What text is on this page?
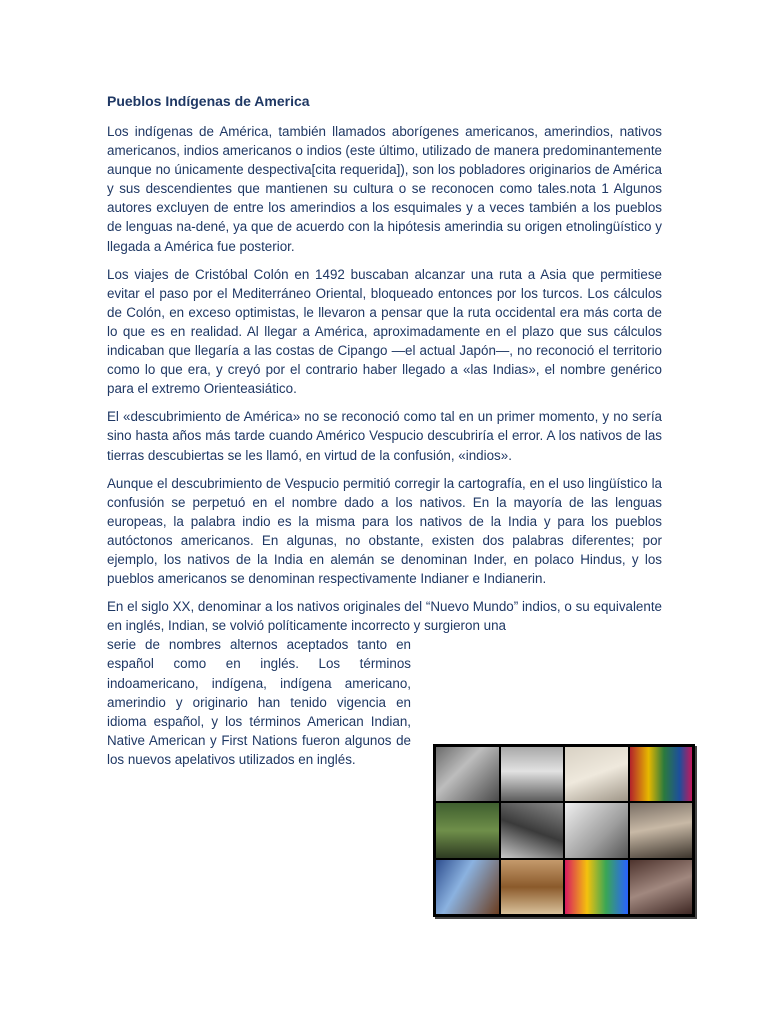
Pueblos Indígenas de America

Los indígenas de América, también llamados aborígenes americanos, amerindios, nativos americanos, indios americanos o indios (este último, utilizado de manera predominantemente aunque no únicamente despectiva[cita requerida]), son los pobladores originarios de América y sus descendientes que mantienen su cultura o se reconocen como tales.nota 1 Algunos autores excluyen de entre los amerindios a los esquimales y a veces también a los pueblos de lenguas na-dené, ya que de acuerdo con la hipótesis amerindia su origen etnolingüístico y llegada a América fue posterior.

Los viajes de Cristóbal Colón en 1492 buscaban alcanzar una ruta a Asia que permitiese evitar el paso por el Mediterráneo Oriental, bloqueado entonces por los turcos. Los cálculos de Colón, en exceso optimistas, le llevaron a pensar que la ruta occidental era más corta de lo que es en realidad. Al llegar a América, aproximadamente en el plazo que sus cálculos indicaban que llegaría a las costas de Cipango —el actual Japón—, no reconoció el territorio como lo que era, y creyó por el contrario haber llegado a «las Indias», el nombre genérico para el extremo Orienteasiático.

El «descubrimiento de América» no se reconoció como tal en un primer momento, y no sería sino hasta años más tarde cuando Américo Vespucio descubriría el error. A los nativos de las tierras descubiertas se les llamó, en virtud de la confusión, «indios».

Aunque el descubrimiento de Vespucio permitió corregir la cartografía, en el uso lingüístico la confusión se perpetuó en el nombre dado a los nativos. En la mayoría de las lenguas europeas, la palabra indio es la misma para los nativos de la India y para los pueblos autóctonos americanos. En algunas, no obstante, existen dos palabras diferentes; por ejemplo, los nativos de la India en alemán se denominan Inder, en polaco Hindus, y los pueblos americanos se denominan respectivamente Indianer e Indianerin.

En el siglo XX, denominar a los nativos originales del “Nuevo Mundo” indios, o su equivalente en inglés, Indian, se volvió políticamente incorrecto y surgieron una

serie de nombres alternos aceptados tanto en español como en inglés. Los términos indoamericano, indígena, indígena americano, amerindio y originario han tenido vigencia en idioma español, y los términos American Indian, Native American y First Nations fueron algunos de los nuevos apelativos utilizados en inglés.
